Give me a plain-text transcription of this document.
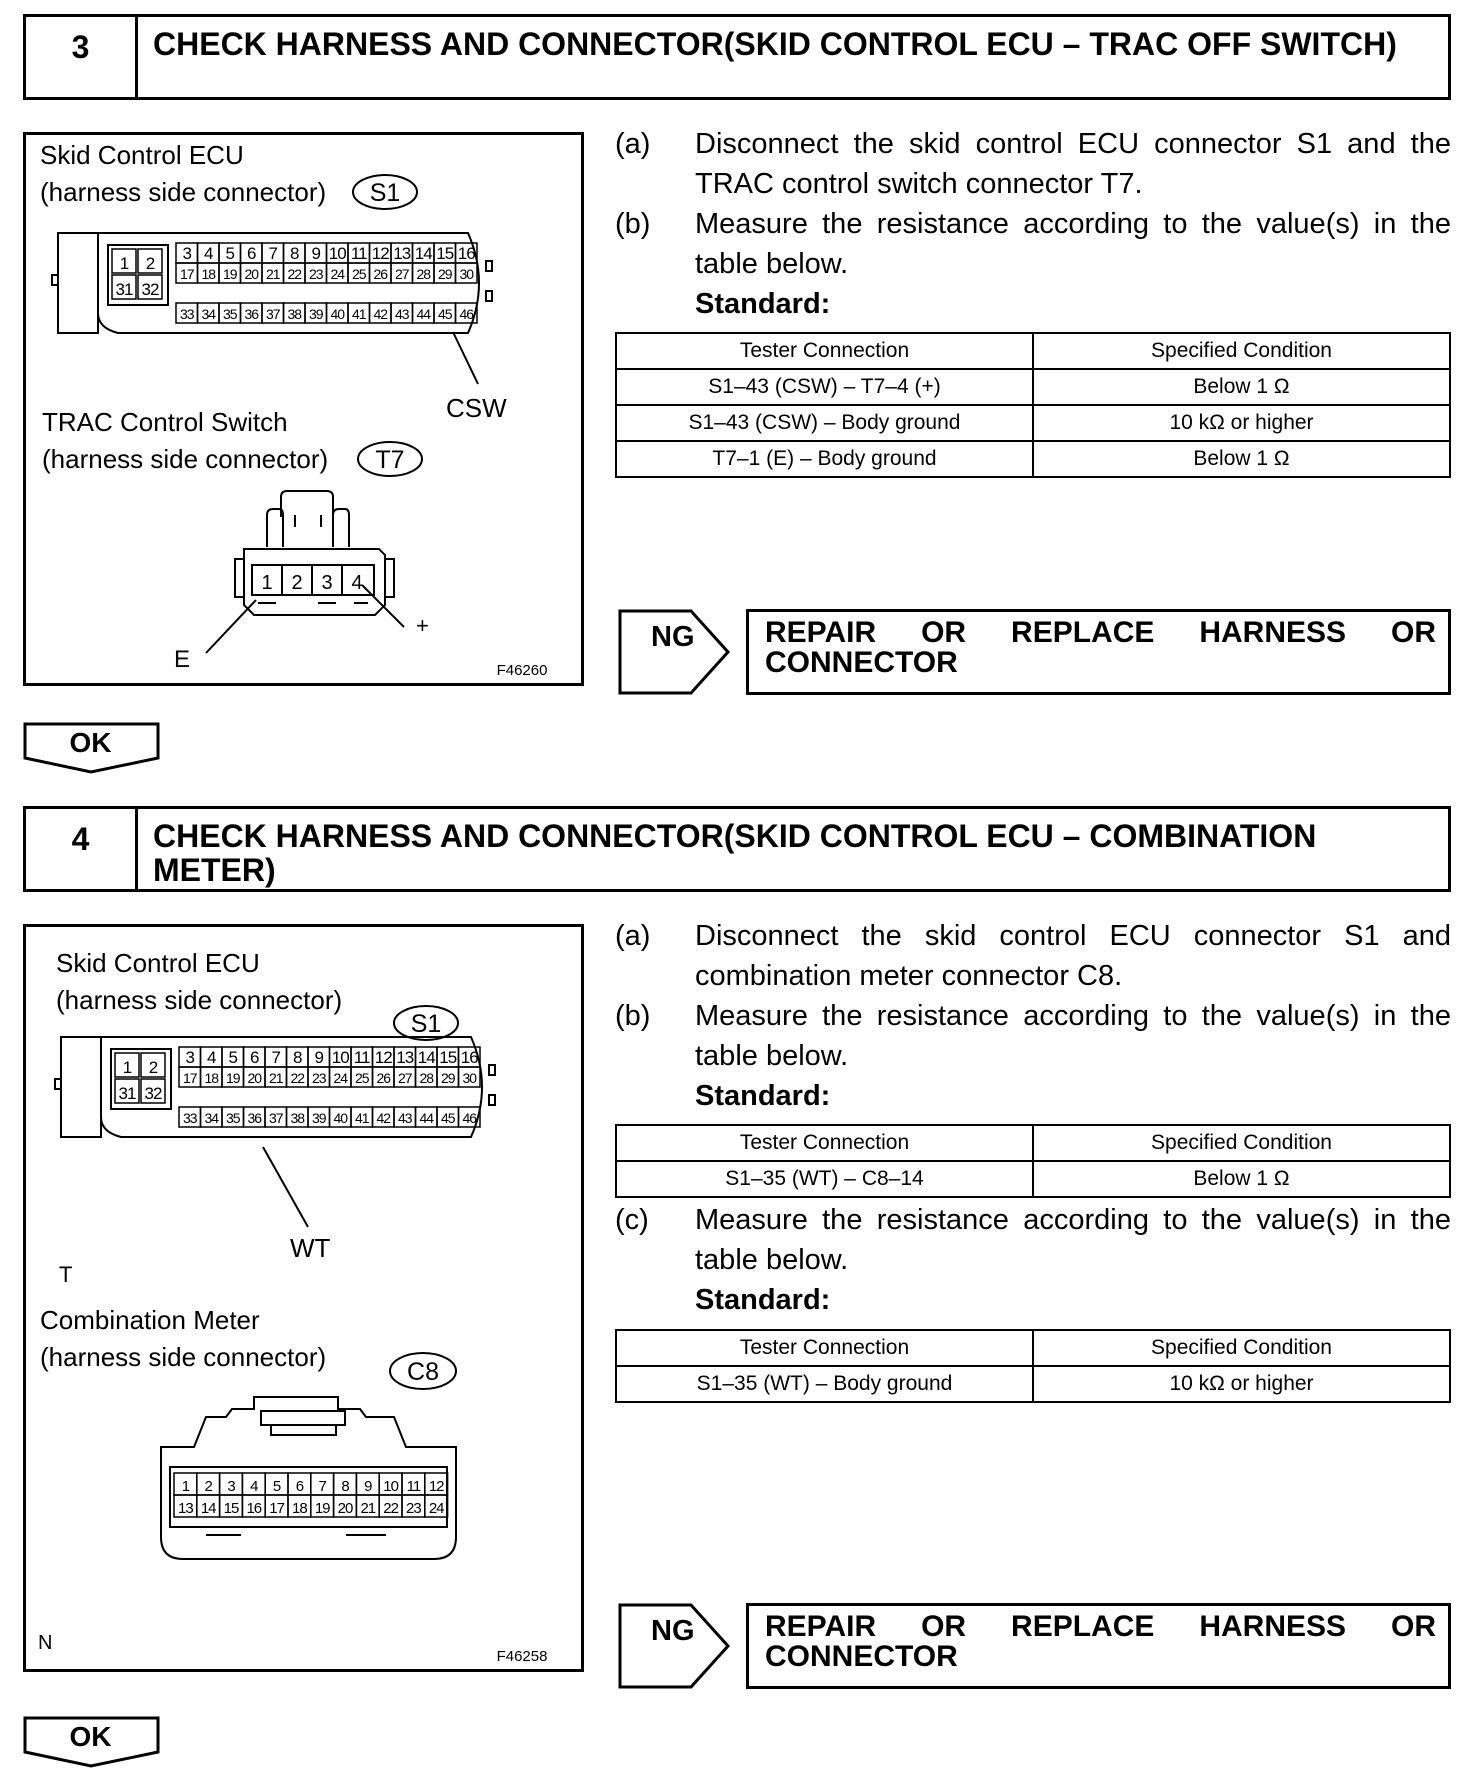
3	CHECK HARNESS AND CONNECTOR(SKID CONTROL ECU – TRAC OFF SWITCH)
Skid Control ECU
(harness side connector) S1
1 2
31 32
3 4 5 6 7 8 9 10 11 12 13 14 15 16
17 18 19 20 21 22 23 24 25 26 27 28 29 30
33 34 35 36 37 38 39 40 41 42 43 44 45 46
CSW
TRAC Control Switch
(harness side connector) T7
1 2 3 4
E
+
F46260
(a) Disconnect the skid control ECU connector S1 and the TRAC control switch connector T7.
(b) Measure the resistance according to the value(s) in the table below.
Standard:
Tester Connection	Specified Condition
S1–43 (CSW) – T7–4 (+)	Below 1 Ω
S1–43 (CSW) – Body ground	10 kΩ or higher
T7–1 (E) – Body ground	Below 1 Ω
NG	REPAIR OR REPLACE HARNESS OR CONNECTOR
OK
4	CHECK HARNESS AND CONNECTOR(SKID CONTROL ECU – COMBINATION METER)
Skid Control ECU
(harness side connector)
S1
1 2
31 32
3 4 5 6 7 8 9 10 11 12 13 14 15 16
17 18 19 20 21 22 23 24 25 26 27 28 29 30
33 34 35 36 37 38 39 40 41 42 43 44 45 46
WT
T
Combination Meter
(harness side connector)	C8
1 2 3 4 5 6 7 8 9 10 11 12
13 14 15 16 17 18 19 20 21 22 23 24
N
F46258
(a) Disconnect the skid control ECU connector S1 and combination meter connector C8.
(b) Measure the resistance according to the value(s) in the table below.
Standard:
Tester Connection	Specified Condition
S1–35 (WT) – C8–14	Below 1 Ω
(c) Measure the resistance according to the value(s) in the table below.
Standard:
Tester Connection	Specified Condition
S1–35 (WT) – Body ground	10 kΩ or higher
NG	REPAIR OR REPLACE HARNESS OR CONNECTOR
OK
